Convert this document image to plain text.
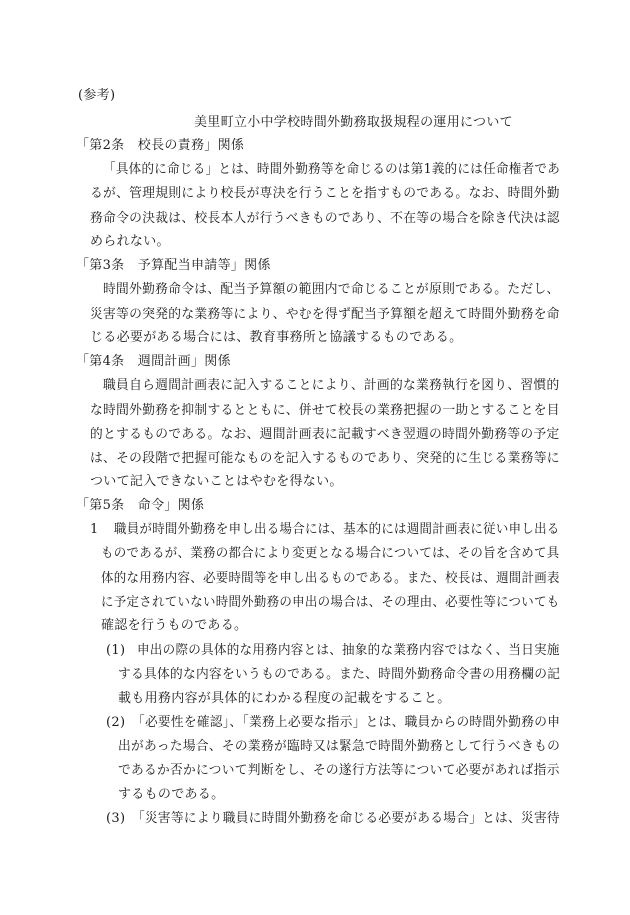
(参考)
美里町立小中学校時間外勤務取扱規程の運用について
「第2条　校長の責務」関係
「具体的に命じる」とは、時間外勤務等を命じるのは第1義的には任命権者であ
るが、管理規則により校長が専決を行うことを指すものである。なお、時間外勤
務命令の決裁は、校長本人が行うべきものであり、不在等の場合を除き代決は認
められない。
「第3条　予算配当申請等」関係
時間外勤務命令は、配当予算額の範囲内で命じることが原則である。ただし、
災害等の突発的な業務等により、やむを得ず配当予算額を超えて時間外勤務を命
じる必要がある場合には、教育事務所と協議するものである。
「第4条　週間計画」関係
職員自ら週間計画表に記入することにより、計画的な業務執行を図り、習慣的
な時間外勤務を抑制するとともに、併せて校長の業務把握の一助とすることを目
的とするものである。なお、週間計画表に記載すべき翌週の時間外勤務等の予定
は、その段階で把握可能なものを記入するものであり、突発的に生じる業務等に
ついて記入できないことはやむを得ない。
「第5条　命令」関係
1 職員が時間外勤務を申し出る場合には、基本的には週間計画表に従い申し出る
ものであるが、業務の都合により変更となる場合については、その旨を含めて具
体的な用務内容、必要時間等を申し出るものである。また、校長は、週間計画表
に予定されていない時間外勤務の申出の場合は、その理由、必要性等についても
確認を行うものである。
(1) 申出の際の具体的な用務内容とは、抽象的な業務内容ではなく、当日実施
する具体的な内容をいうものである。また、時間外勤務命令書の用務欄の記
載も用務内容が具体的にわかる程度の記載をすること。
(2) 「必要性を確認」、「業務上必要な指示」とは、職員からの時間外勤務の申
出があった場合、その業務が臨時又は緊急で時間外勤務として行うべきもの
であるか否かについて判断をし、その遂行方法等について必要があれば指示
するものである。
(3) 「災害等により職員に時間外勤務を命じる必要がある場合」とは、災害待
